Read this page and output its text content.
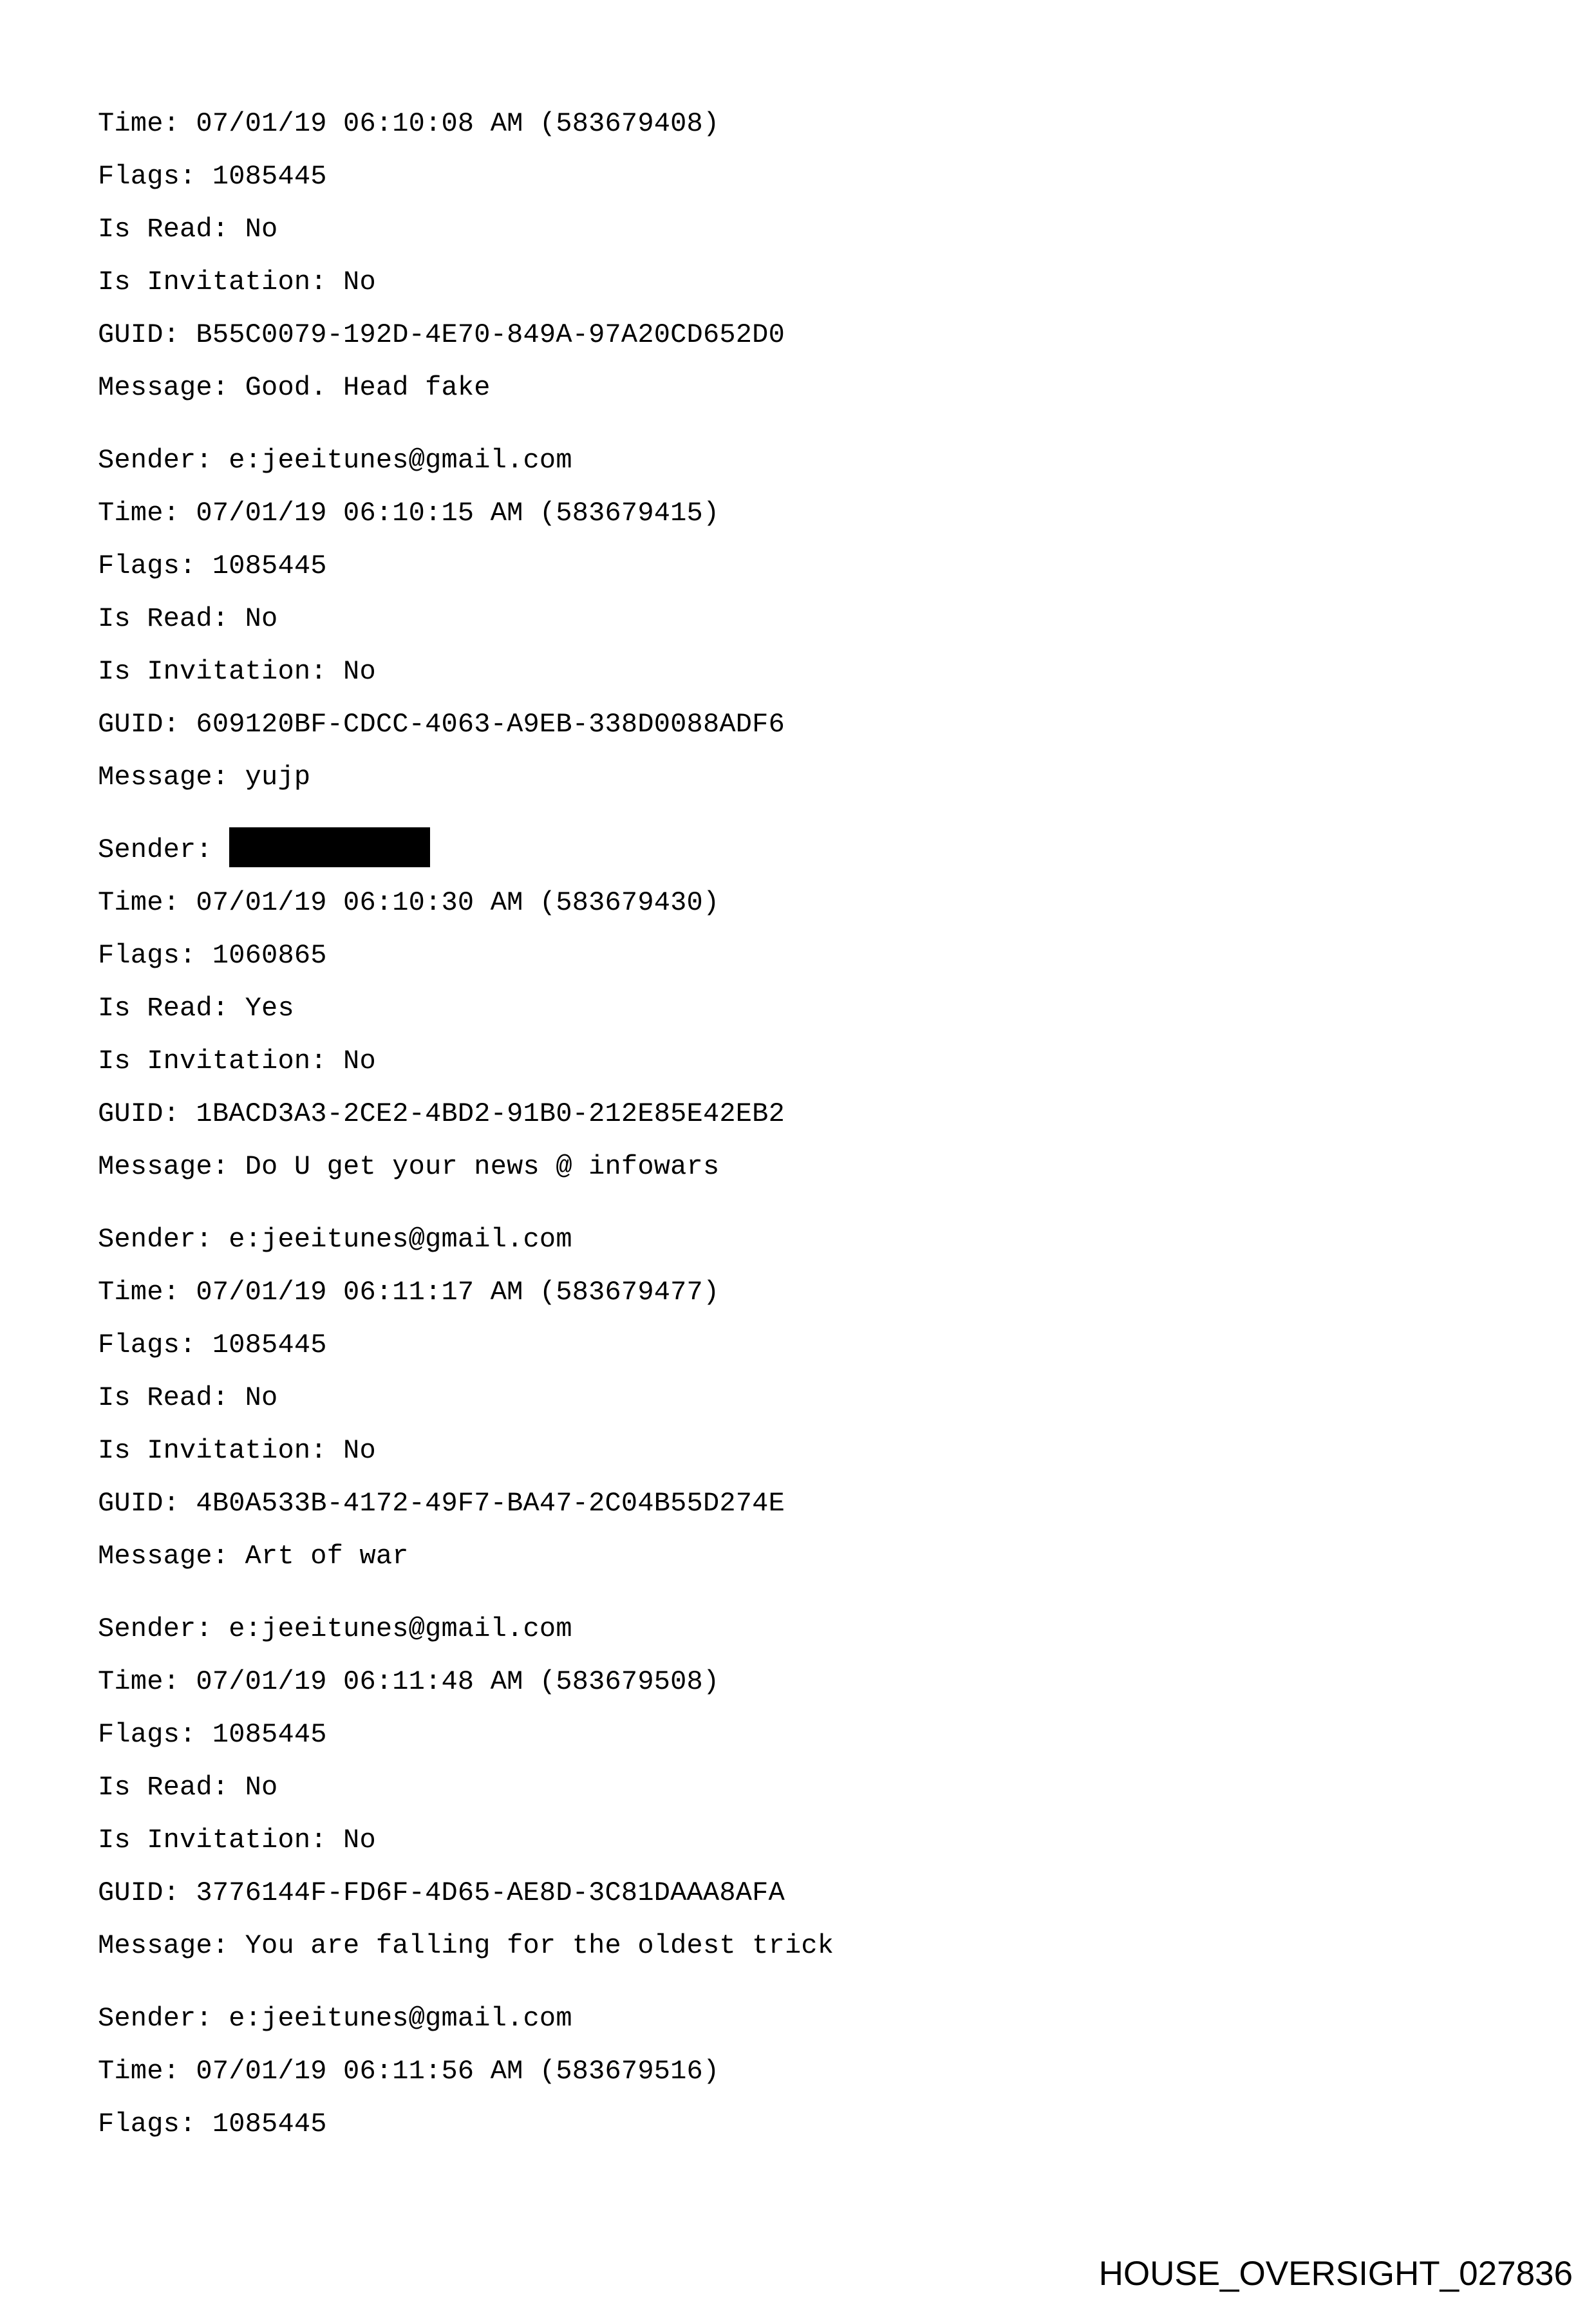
Time: 07/01/19 06:10:08 AM (583679408)
Flags: 1085445
Is Read: No
Is Invitation: No
GUID: B55C0079-192D-4E70-849A-97A20CD652D0
Message: Good. Head fake
Sender: e:jeeitunes@gmail.com
Time: 07/01/19 06:10:15 AM (583679415)
Flags: 1085445
Is Read: No
Is Invitation: No
GUID: 609120BF-CDCC-4063-A9EB-338D0088ADF6
Message: yujp
Sender:
Time: 07/01/19 06:10:30 AM (583679430)
Flags: 1060865
Is Read: Yes
Is Invitation: No
GUID: 1BACD3A3-2CE2-4BD2-91B0-212E85E42EB2
Message: Do U get your news @ infowars
Sender: e:jeeitunes@gmail.com
Time: 07/01/19 06:11:17 AM (583679477)
Flags: 1085445
Is Read: No
Is Invitation: No
GUID: 4B0A533B-4172-49F7-BA47-2C04B55D274E
Message: Art of war
Sender: e:jeeitunes@gmail.com
Time: 07/01/19 06:11:48 AM (583679508)
Flags: 1085445
Is Read: No
Is Invitation: No
GUID: 3776144F-FD6F-4D65-AE8D-3C81DAAA8AFA
Message: You are falling for the oldest trick
Sender: e:jeeitunes@gmail.com
Time: 07/01/19 06:11:56 AM (583679516)
Flags: 1085445
HOUSE_OVERSIGHT_027836
